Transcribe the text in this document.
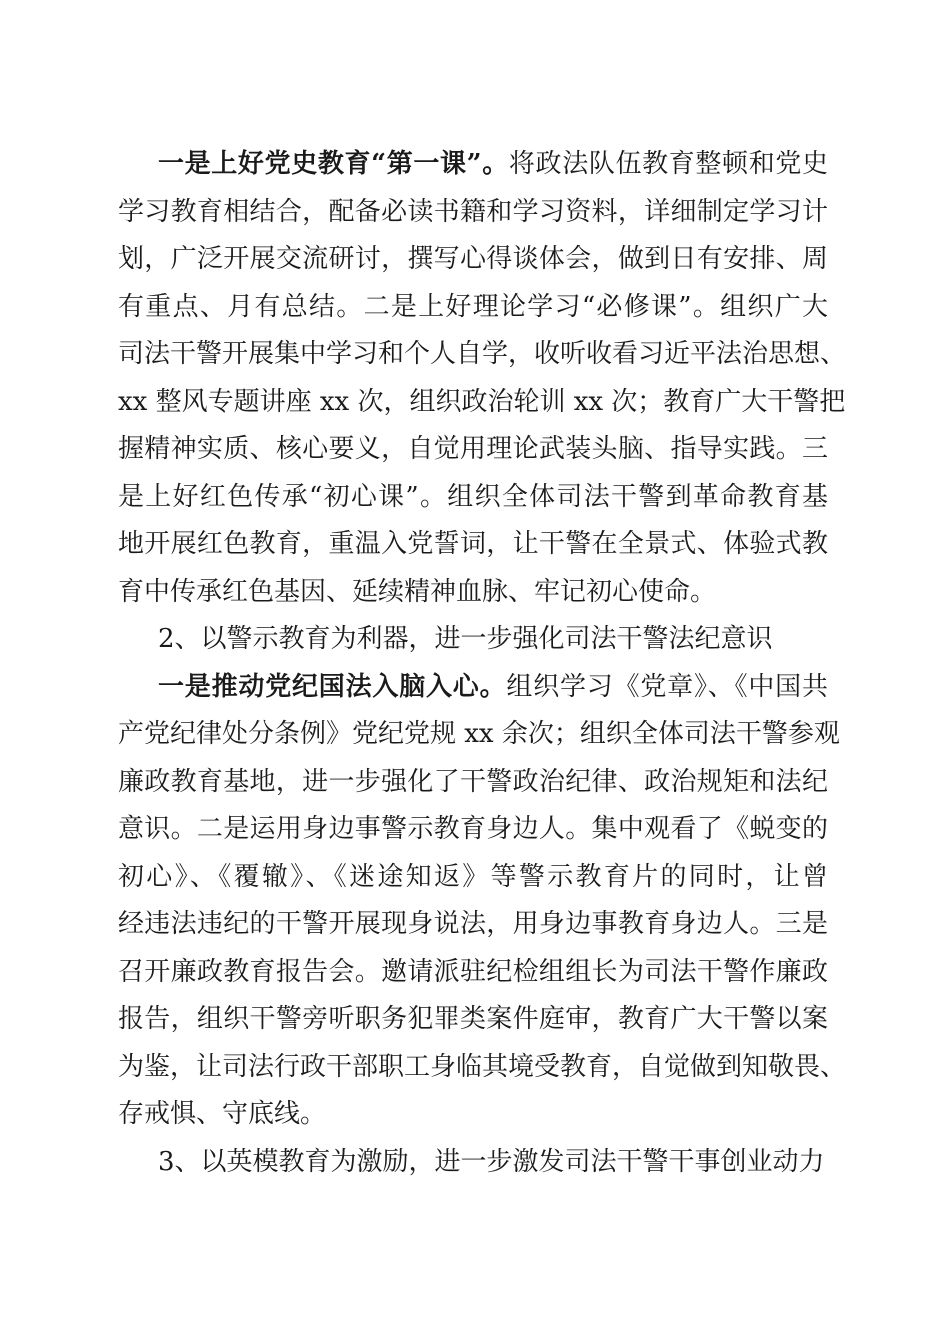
一是上好党史教育“第一课”。将政法队伍教育整顿和党史
学习教育相结合，配备必读书籍和学习资料，详细制定学习计
划，广泛开展交流研讨，撰写心得谈体会，做到日有安排、周
有重点、月有总结。二是上好理论学习“必修课”。组织广大
司法干警开展集中学习和个人自学，收听收看习近平法治思想、
xx 整风专题讲座 xx 次，组织政治轮训 xx 次；教育广大干警把
握精神实质、核心要义，自觉用理论武装头脑、指导实践。三
是上好红色传承“初心课”。组织全体司法干警到革命教育基
地开展红色教育，重温入党誓词，让干警在全景式、体验式教
育中传承红色基因、延续精神血脉、牢记初心使命。
2、以警示教育为利器，进一步强化司法干警法纪意识
一是推动党纪国法入脑入心。组织学习《党章》、《中国共
产党纪律处分条例》党纪党规 xx 余次；组织全体司法干警参观
廉政教育基地，进一步强化了干警政治纪律、政治规矩和法纪
意识。二是运用身边事警示教育身边人。集中观看了《蜕变的
初心》、《覆辙》、《迷途知返》等警示教育片的同时，让曾
经违法违纪的干警开展现身说法，用身边事教育身边人。三是
召开廉政教育报告会。邀请派驻纪检组组长为司法干警作廉政
报告，组织干警旁听职务犯罪类案件庭审，教育广大干警以案
为鉴，让司法行政干部职工身临其境受教育，自觉做到知敬畏、
存戒惧、守底线。
3、以英模教育为激励，进一步激发司法干警干事创业动力
